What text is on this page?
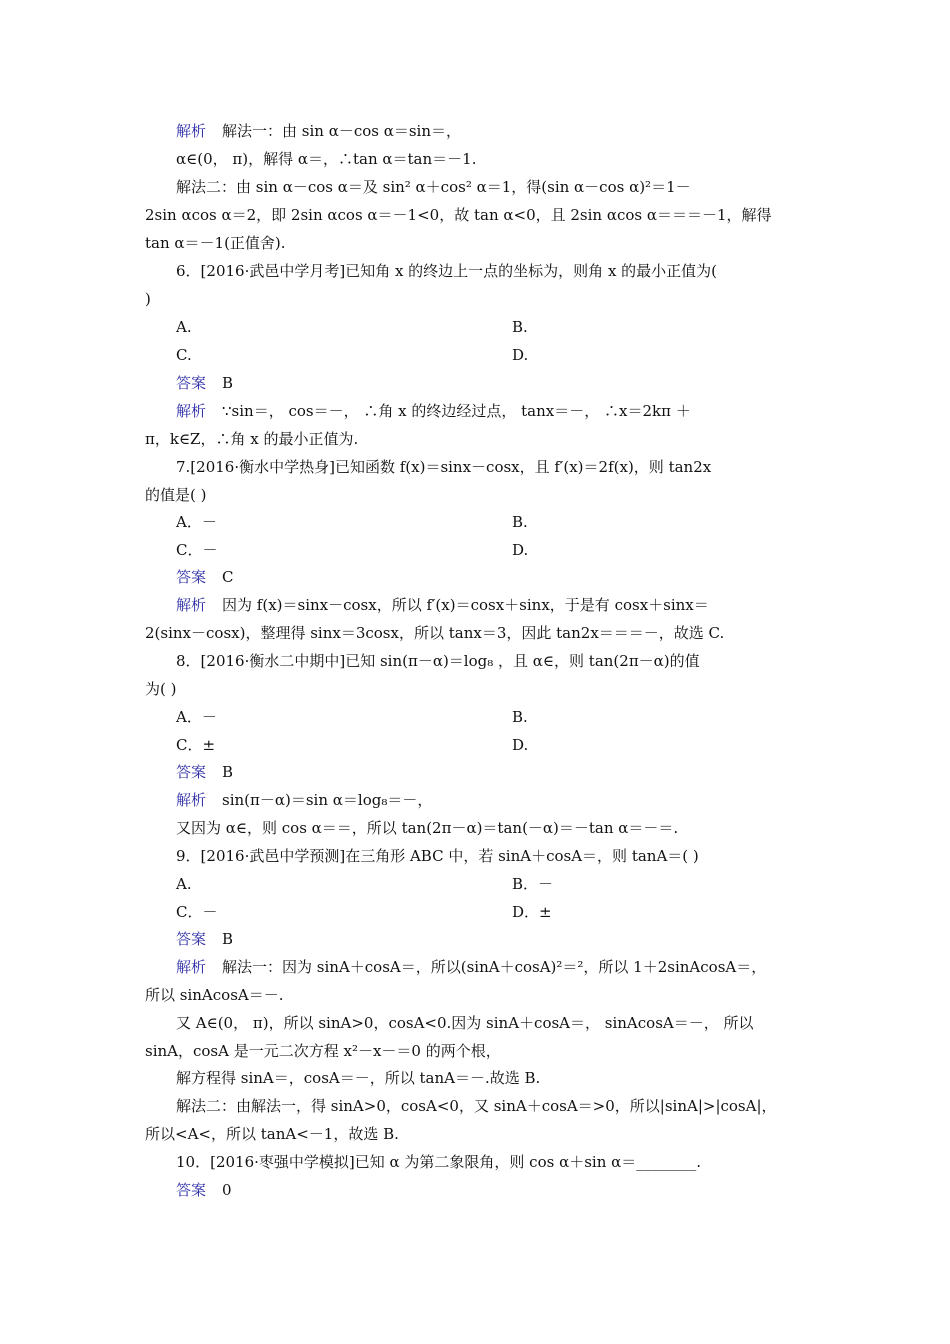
解析 解法一：由 sin α－cos α＝sin＝，
α∈(0， π)，解得 α＝，∴tan α＝tan＝－1.
解法二：由 sin α－cos α＝及 sin² α＋cos² α＝1，得(sin α－cos α)²＝1－
2sin αcos α＝2，即 2sin αcos α＝－1<0，故 tan α<0，且 2sin αcos α＝＝＝－1，解得
tan α＝－1(正值舍).
6．[2016·武邑中学月考]已知角 x 的终边上一点的坐标为，则角 x 的最小正值为(
)
A.	B.
C.	D.
答案 B
解析 ∵sin＝， cos＝－， ∴角 x 的终边经过点， tanx＝－， ∴x＝2kπ ＋
π，k∈Z，∴角 x 的最小正值为.
7.[2016·衡水中学热身]已知函数 f(x)＝sinx－cosx，且 f′(x)＝2f(x)，则 tan2x
的值是( )
A．－	B.
C．－	D.
答案 C
解析 因为 f(x)＝sinx－cosx，所以 f′(x)＝cosx＋sinx，于是有 cosx＋sinx＝
2(sinx－cosx)，整理得 sinx＝3cosx，所以 tanx＝3，因此 tan2x＝＝＝－，故选 C.
8．[2016·衡水二中期中]已知 sin(π－α)＝log₈ ，且 α∈，则 tan(2π－α)的值
为( )
A．－	B.
C．±	D.
答案 B
解析 sin(π－α)＝sin α＝log₈＝－，
又因为 α∈，则 cos α＝＝，所以 tan(2π－α)＝tan(－α)＝－tan α＝－＝.
9．[2016·武邑中学预测]在三角形 ABC 中，若 sinA＋cosA＝，则 tanA＝( )
A.	B．－
C．－	D．±
答案 B
解析 解法一：因为 sinA＋cosA＝，所以(sinA＋cosA)²＝²，所以 1＋2sinAcosA＝，
所以 sinAcosA＝－.
又 A∈(0， π)，所以 sinA>0，cosA<0.因为 sinA＋cosA＝， sinAcosA＝－， 所以
sinA，cosA 是一元二次方程 x²－x－＝0 的两个根，
解方程得 sinA＝，cosA＝－，所以 tanA＝－.故选 B.
解法二：由解法一，得 sinA>0，cosA<0，又 sinA＋cosA＝>0，所以|sinA|>|cosA|，
所以<A<，所以 tanA<－1，故选 B.
10．[2016·枣强中学模拟]已知 α 为第二象限角，则 cos α＋sin α＝________.
答案 0
